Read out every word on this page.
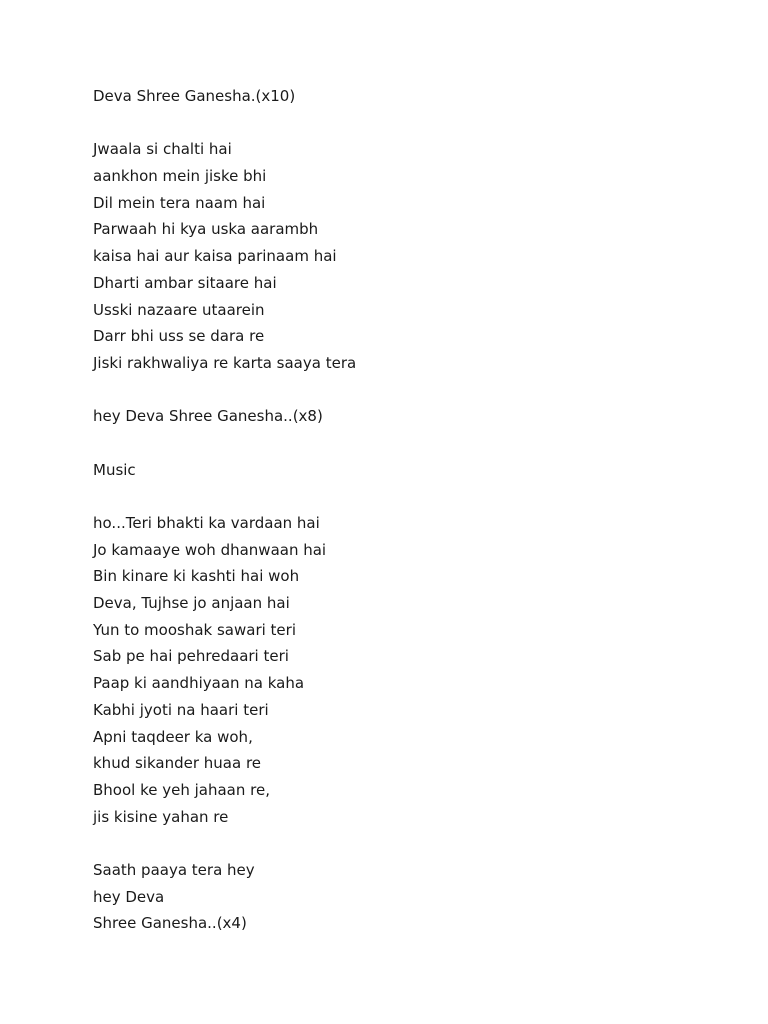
Deva Shree Ganesha.(x10)
Jwaala si chalti hai
aankhon mein jiske bhi
Dil mein tera naam hai
Parwaah hi kya uska aarambh
kaisa hai aur kaisa parinaam hai
Dharti ambar sitaare hai
Usski nazaare utaarein
Darr bhi uss se dara re
Jiski rakhwaliya re karta saaya tera
hey Deva Shree Ganesha..(x8)
Music
ho...Teri bhakti ka vardaan hai
Jo kamaaye woh dhanwaan hai
Bin kinare ki kashti hai woh
Deva, Tujhse jo anjaan hai
Yun to mooshak sawari teri
Sab pe hai pehredaari teri
Paap ki aandhiyaan na kaha
Kabhi jyoti na haari teri
Apni taqdeer ka woh,
khud sikander huaa re
Bhool ke yeh jahaan re,
jis kisine yahan re
Saath paaya tera hey
hey Deva
Shree Ganesha..(x4)
